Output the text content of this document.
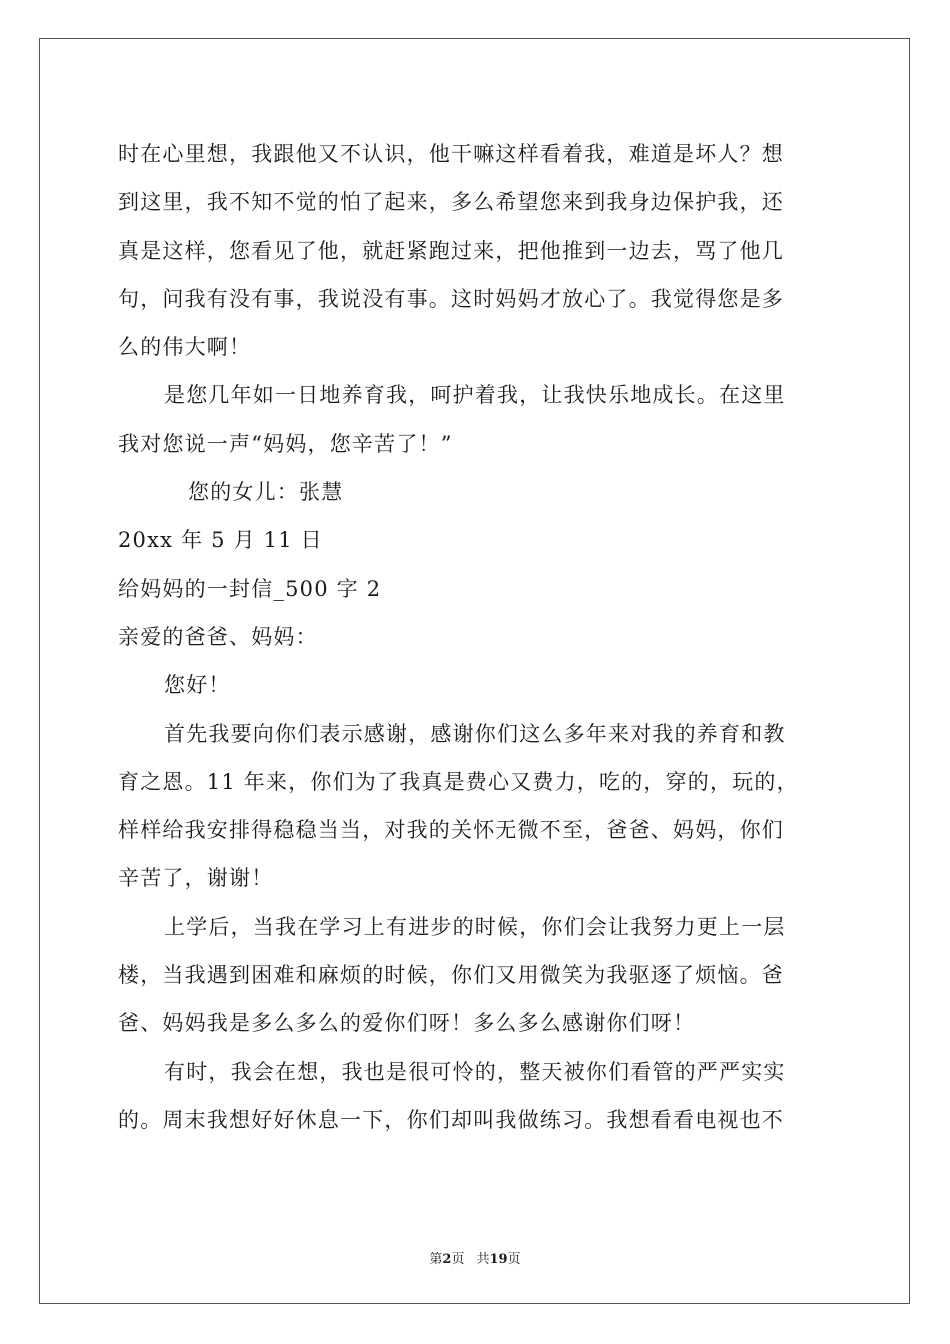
时在心里想，我跟他又不认识，他干嘛这样看着我，难道是坏人？想
到这里，我不知不觉的怕了起来，多么希望您来到我身边保护我，还
真是这样，您看见了他，就赶紧跑过来，把他推到一边去，骂了他几
句，问我有没有事，我说没有事。这时妈妈才放心了。我觉得您是多
么的伟大啊！
是您几年如一日地养育我，呵护着我，让我快乐地成长。在这里
我对您说一声“妈妈，您辛苦了！”
您的女儿：张慧
20xx 年 5 月 11 日
给妈妈的一封信_500 字 2
亲爱的爸爸、妈妈：
您好！
首先我要向你们表示感谢，感谢你们这么多年来对我的养育和教
育之恩。11 年来，你们为了我真是费心又费力，吃的，穿的，玩的，
样样给我安排得稳稳当当，对我的关怀无微不至，爸爸、妈妈，你们
辛苦了，谢谢！
上学后，当我在学习上有进步的时候，你们会让我努力更上一层
楼，当我遇到困难和麻烦的时候，你们又用微笑为我驱逐了烦恼。爸
爸、妈妈我是多么多么的爱你们呀！多么多么感谢你们呀！
有时，我会在想，我也是很可怜的，整天被你们看管的严严实实
的。周末我想好好休息一下，你们却叫我做练习。我想看看电视也不
第2页 共19页
